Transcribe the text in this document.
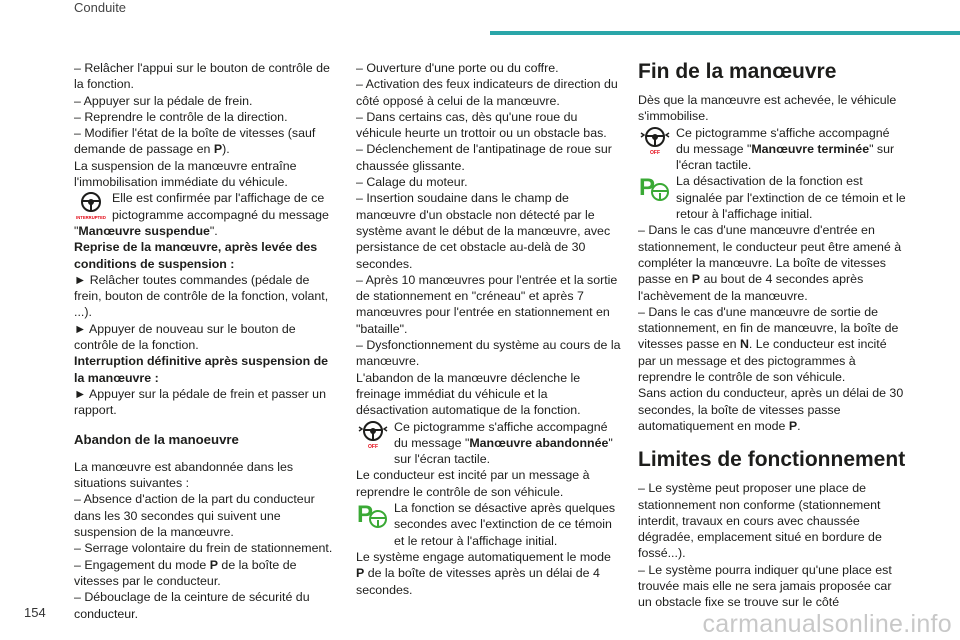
Conduite

– Relâcher l'appui sur le bouton de contrôle de la fonction.

– Appuyer sur la pédale de frein.

– Reprendre le contrôle de la direction.

– Modifier l'état de la boîte de vitesses (sauf demande de passage en P).

La suspension de la manœuvre entraîne l'immobilisation immédiate du véhicule.

INTERRUPTED

Elle est confirmée par l'affichage de ce pictogramme accompagné du message

"Manœuvre suspendue".

Reprise de la manœuvre, après levée des conditions de suspension :

► Relâcher toutes commandes (pédale de frein, bouton de contrôle de la fonction, volant, ...).

► Appuyer de nouveau sur le bouton de contrôle de la fonction.

Interruption définitive après suspension de la manœuvre :

► Appuyer sur la pédale de frein et passer un rapport.

Abandon de la manoeuvre

La manœuvre est abandonnée dans les situations suivantes :

– Absence d'action de la part du conducteur dans les 30 secondes qui suivent une suspension de la manœuvre.

– Serrage volontaire du frein de stationnement.

– Engagement du mode P de la boîte de vitesses par le conducteur.

– Débouclage de la ceinture de sécurité du conducteur.

– Ouverture d'une porte ou du coffre.

– Activation des feux indicateurs de direction du côté opposé à celui de la manœuvre.

– Dans certains cas, dès qu'une roue du véhicule heurte un trottoir ou un obstacle bas.

– Déclenchement de l'antipatinage de roue sur chaussée glissante.

– Calage du moteur.

– Insertion soudaine dans le champ de manœuvre d'un obstacle non détecté par le système avant le début de la manœuvre, avec persistance de cet obstacle au-delà de 30 secondes.

– Après 10 manœuvres pour l'entrée et la sortie de stationnement en "créneau" et après 7 manœuvres pour l'entrée en stationnement en "bataille".

– Dysfonctionnement du système au cours de la manœuvre.

L'abandon de la manœuvre déclenche le freinage immédiat du véhicule et la désactivation automatique de la fonction.

OFF

Ce pictogramme s'affiche accompagné du message "Manœuvre abandonnée" sur l'écran tactile.

Le conducteur est incité par un message à reprendre le contrôle de son véhicule.

P	La fonction se désactive après quelques secondes avec l'extinction de ce témoin et le retour à l'affichage initial.

Le système engage automatiquement le mode P de la boîte de vitesses après un délai de 4 secondes.

Fin de la manœuvre

Dès que la manœuvre est achevée, le véhicule s'immobilise.

OFF

Ce pictogramme s'affiche accompagné du message "Manœuvre terminée" sur l'écran tactile.

P	La désactivation de la fonction est signalée par l'extinction de ce témoin et le retour à l'affichage initial.

– Dans le cas d'une manœuvre d'entrée en stationnement, le conducteur peut être amené à compléter la manœuvre. La boîte de vitesses passe en P au bout de 4 secondes après l'achèvement de la manœuvre.

– Dans le cas d'une manœuvre de sortie de stationnement, en fin de manœuvre, la boîte de vitesses passe en N. Le conducteur est incité par un message et des pictogrammes à reprendre le contrôle de son véhicule.

Sans action du conducteur, après un délai de 30 secondes, la boîte de vitesses passe automatiquement en mode P.

Limites de fonctionnement

– Le système peut proposer une place de stationnement non conforme (stationnement interdit, travaux en cours avec chaussée dégradée, emplacement situé en bordure de fossé...).

– Le système pourra indiquer qu'une place est trouvée mais elle ne sera jamais proposée car un obstacle fixe se trouve sur le côté

154	carmanualsonline.info
